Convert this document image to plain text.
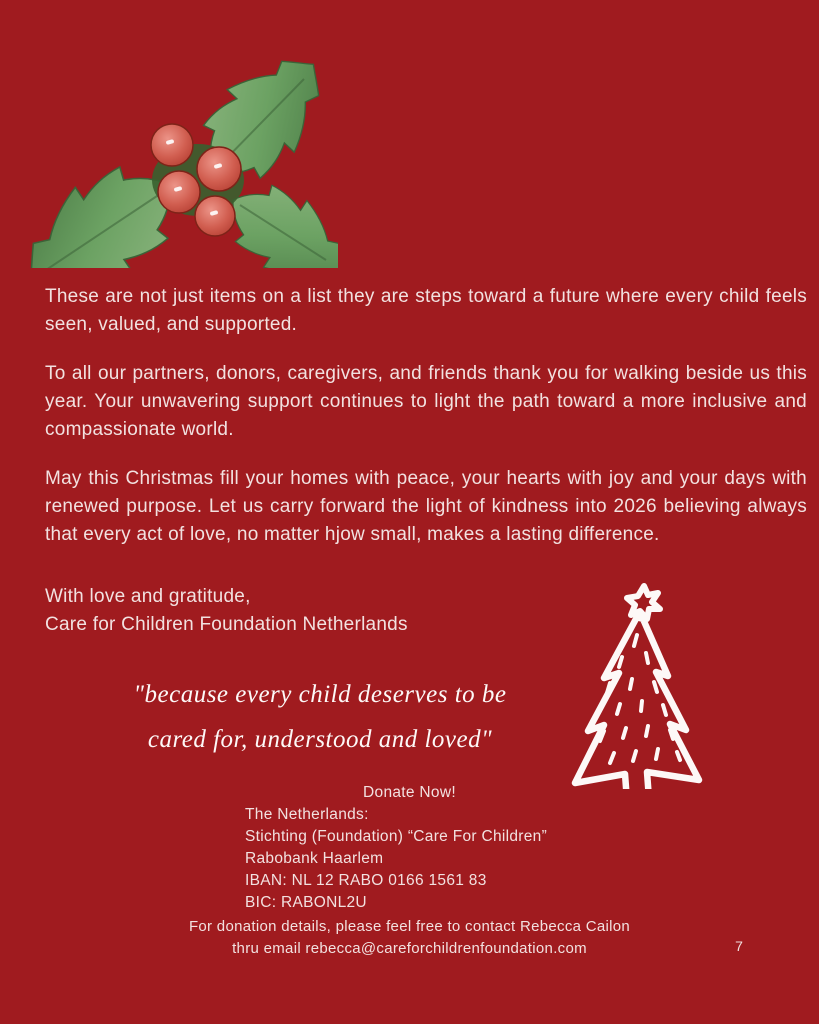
These are not just items on a list they are steps toward a future where every child feels seen, valued, and supported.

To all our partners, donors, caregivers, and friends thank you for walking beside us this year. Your unwavering support continues to light the path toward a more inclusive and compassionate world.

May this Christmas fill your homes with peace, your hearts with joy and your days with renewed purpose. Let us carry forward the light of kindness into 2026 believing always that every act of love, no matter hjow small, makes a lasting difference.

With love and gratitude,
Care for Children Foundation Netherlands
"because every child deserves to be
cared for, understood and loved"
Donate Now!
The Netherlands:
Stichting (Foundation) “Care For Children”
Rabobank Haarlem
IBAN: NL 12 RABO 0166 1561 83
BIC: RABONL2U
For donation details, please feel free to contact Rebecca Cailon
thru email rebecca@careforchildrenfoundation.com	7
